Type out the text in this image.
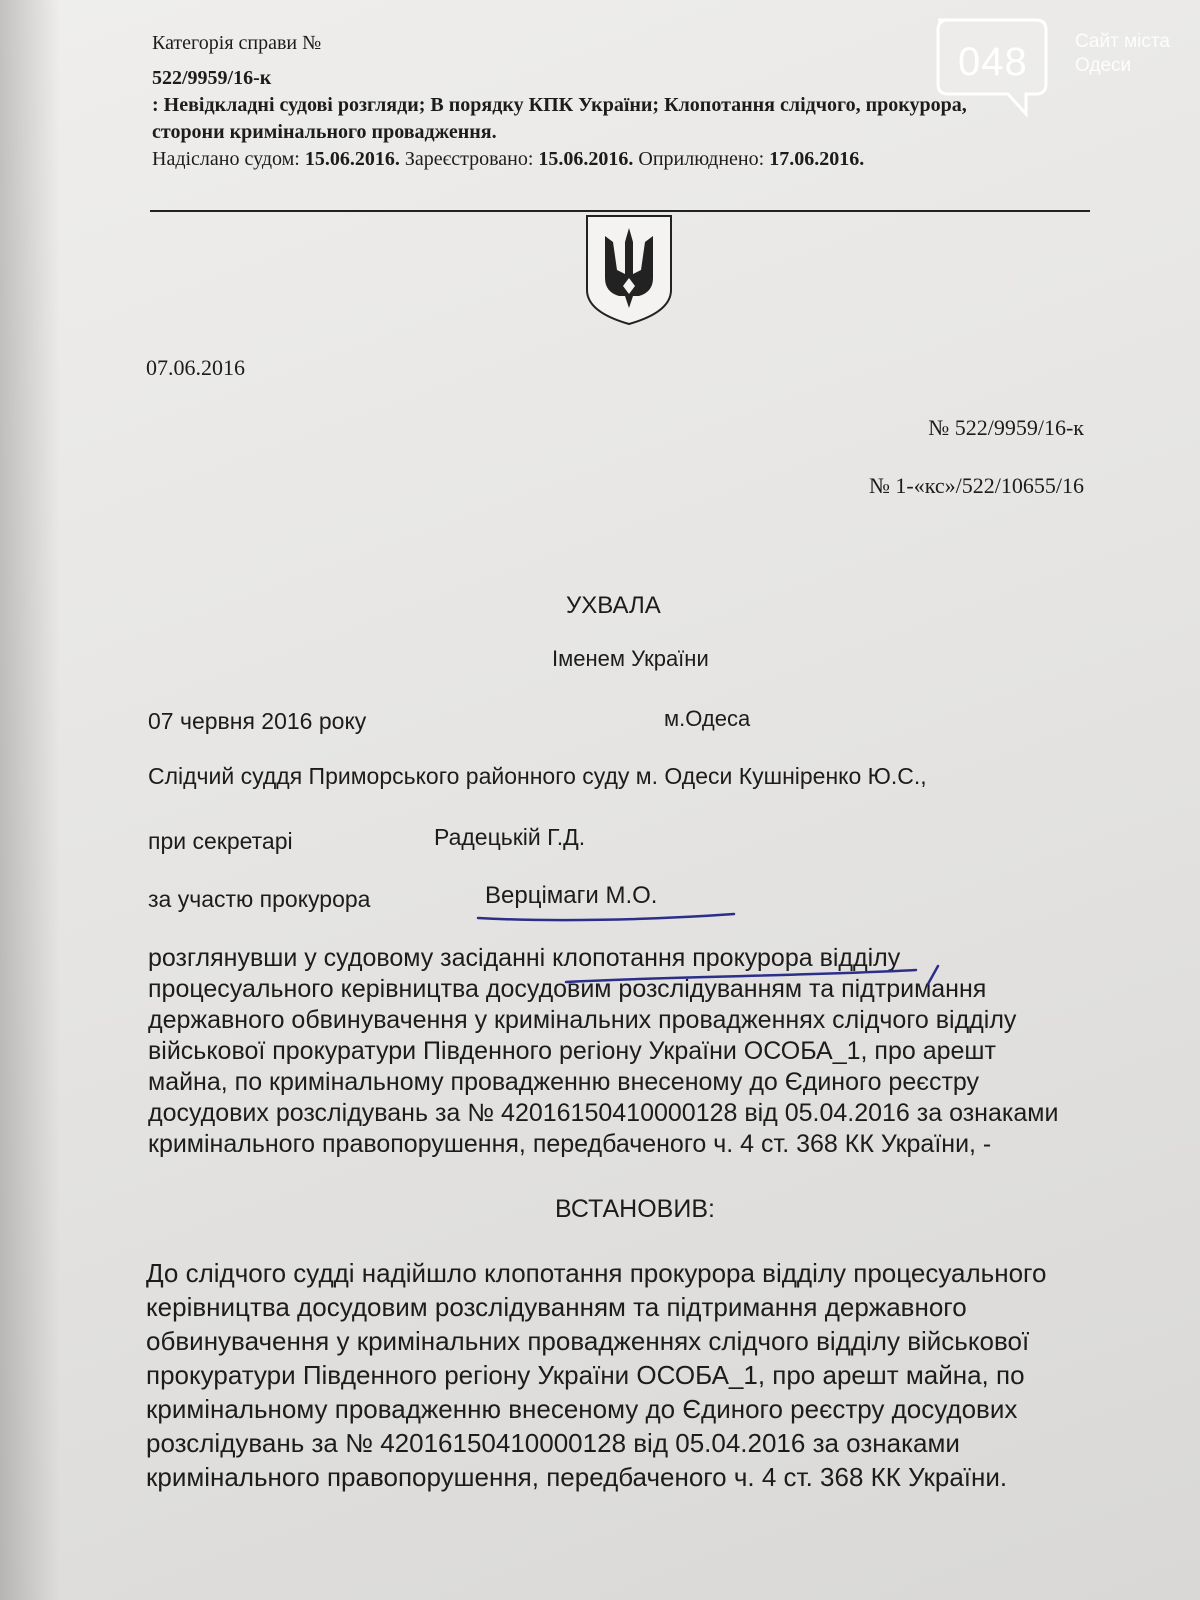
Категорія справи №
522/9959/16-к
: Невідкладні судові розгляди; В порядку КПК України; Клопотання слідчого, прокурора, сторони кримінального провадження.
Надіслано судом: 15.06.2016. Зареєстровано: 15.06.2016. Оприлюднено: 17.06.2016.
07.06.2016
№ 522/9959/16-к
№ 1-«кс»/522/10655/16
УХВАЛА
Іменем України
07 червня 2016 року	м.Одеса
Слідчий суддя Приморського районного суду м. Одеси Кушніренко Ю.С.,
при секретарі	Радецькій Г.Д.
за участю прокурора	Верцімаги М.О.
розглянувши у судовому засіданні клопотання прокурора відділу
процесуального керівництва досудовим розслідуванням та підтримання
державного обвинувачення у кримінальних провадженнях слідчого відділу
військової прокуратури Південного регіону України ОСОБА_1, про арешт
майна, по кримінальному провадженню внесеному до Єдиного реєстру
досудових розслідувань за № 42016150410000128 від 05.04.2016 за ознаками
кримінального правопорушення, передбаченого ч. 4 ст. 368 КК України, -
ВСТАНОВИВ:
До слідчого судді надійшло клопотання прокурора відділу процесуального
керівництва досудовим розслідуванням та підтримання державного
обвинувачення у кримінальних провадженнях слідчого відділу військової
прокуратури Південного регіону України ОСОБА_1, про арешт майна, по
кримінальному провадженню внесеному до Єдиного реєстру досудових
розслідувань за № 42016150410000128 від 05.04.2016 за ознаками
кримінального правопорушення, передбаченого ч. 4 ст. 368 КК України.
048 Сайт міста
Одеси
